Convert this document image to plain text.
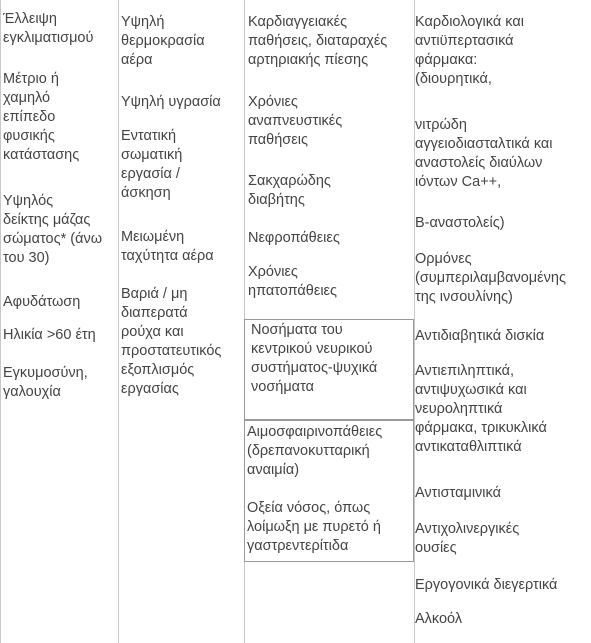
Έλλειψη
εγκλιματισμού

Μέτριο ή
χαμηλό
επίπεδο
φυσικής
κατάστασης

Υψηλός
δείκτης μάζας
σώματος* (άνω
του 30)

Αφυδάτωση

Ηλικία >60 έτη

Εγκυμοσύνη,
γαλουχία

Υψηλή
θερμοκρασία
αέρα

Υψηλή υγρασία

Εντατική
σωματική
εργασία /
άσκηση

Μειωμένη
ταχύτητα αέρα

Βαριά / μη
διαπερατά
ρούχα και
προστατευτικός
εξοπλισμός
εργασίας

Καρδιαγγειακές
παθήσεις, διαταραχές
αρτηριακής πίεσης

Χρόνιες
αναπνευστικές
παθήσεις

Σακχαρώδης
διαβήτης

Νεφροπάθειες

Χρόνιες
ηπατοπάθειες

Νοσήματα του
κεντρικού νευρικού
συστήματος-ψυχικά
νοσήματα

Αιμοσφαιρινοπάθειες
(δρεπανοκυτταρική
αναιμία)

Οξεία νόσος, όπως
λοίμωξη με πυρετό ή
γαστρεντερίτιδα

Καρδιολογικά και
αντιϋπερτασικά
φάρμακα:
(διουρητικά,

νιτρώδη
αγγειοδιασταλτικά και
αναστολείς διαύλων
ιόντων Ca++,

Β-αναστολείς)

Ορμόνες
(συμπεριλαμβανομένης
της ινσουλίνης)

Αντιδιαβητικά δισκία

Αντιεπιληπτικά,
αντιψυχωσικά και
νευροληπτικά
φάρμακα, τρικυκλικά
αντικαταθλιπτικά

Αντισταμινικά

Αντιχολινεργικές
ουσίες

Εργογονικά διεγερτικά

Αλκοόλ
